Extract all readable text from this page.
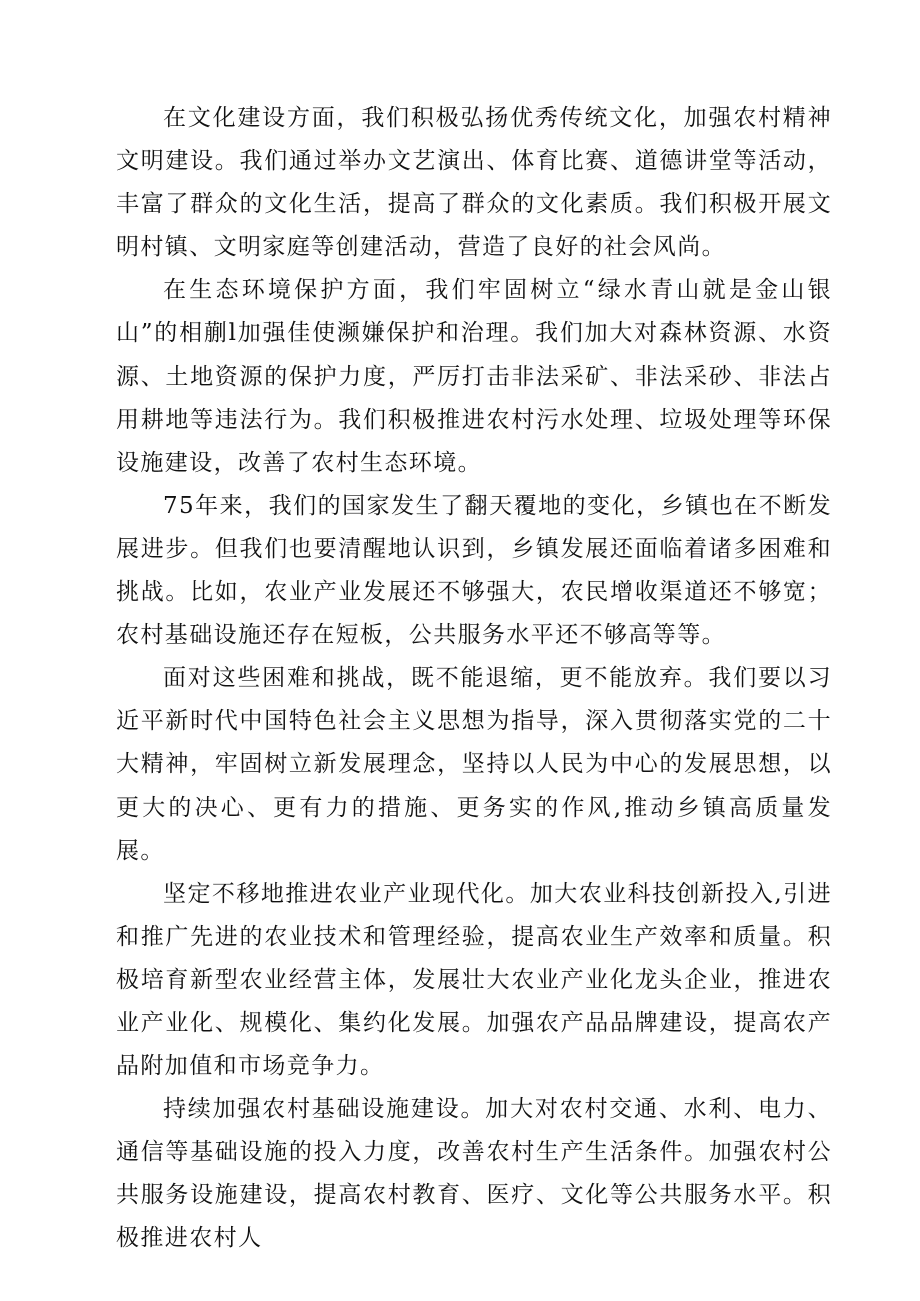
在文化建设方面，我们积极弘扬优秀传统文化，加强农村精神文明建设。我们通过举办文艺演出、体育比赛、道德讲堂等活动，丰富了群众的文化生活，提高了群众的文化素质。我们积极开展文明村镇、文明家庭等创建活动，营造了良好的社会风尚。

在生态环境保护方面，我们牢固树立“绿水青山就是金山银山”的相蒯l加强佳使濒嫌保护和治理。我们加大对森林资源、水资源、土地资源的保护力度，严厉打击非法采矿、非法采砂、非法占用耕地等违法行为。我们积极推进农村污水处理、垃圾处理等环保设施建设，改善了农村生态环境。

75年来，我们的国家发生了翻天覆地的变化，乡镇也在不断发展进步。但我们也要清醒地认识到，乡镇发展还面临着诸多困难和挑战。比如，农业产业发展还不够强大，农民增收渠道还不够宽；农村基础设施还存在短板，公共服务水平还不够高等等。

面对这些困难和挑战，既不能退缩，更不能放弃。我们要以习近平新时代中国特色社会主义思想为指导，深入贯彻落实党的二十大精神，牢固树立新发展理念，坚持以人民为中心的发展思想，以更大的决心、更有力的措施、更务实的作风,推动乡镇高质量发展。

坚定不移地推进农业产业现代化。加大农业科技创新投入,引进和推广先进的农业技术和管理经验，提高农业生产效率和质量。积极培育新型农业经营主体，发展壮大农业产业化龙头企业，推进农业产业化、规模化、集约化发展。加强农产品品牌建设，提高农产品附加值和市场竞争力。

持续加强农村基础设施建设。加大对农村交通、水利、电力、通信等基础设施的投入力度，改善农村生产生活条件。加强农村公共服务设施建设，提高农村教育、医疗、文化等公共服务水平。积极推进农村人
